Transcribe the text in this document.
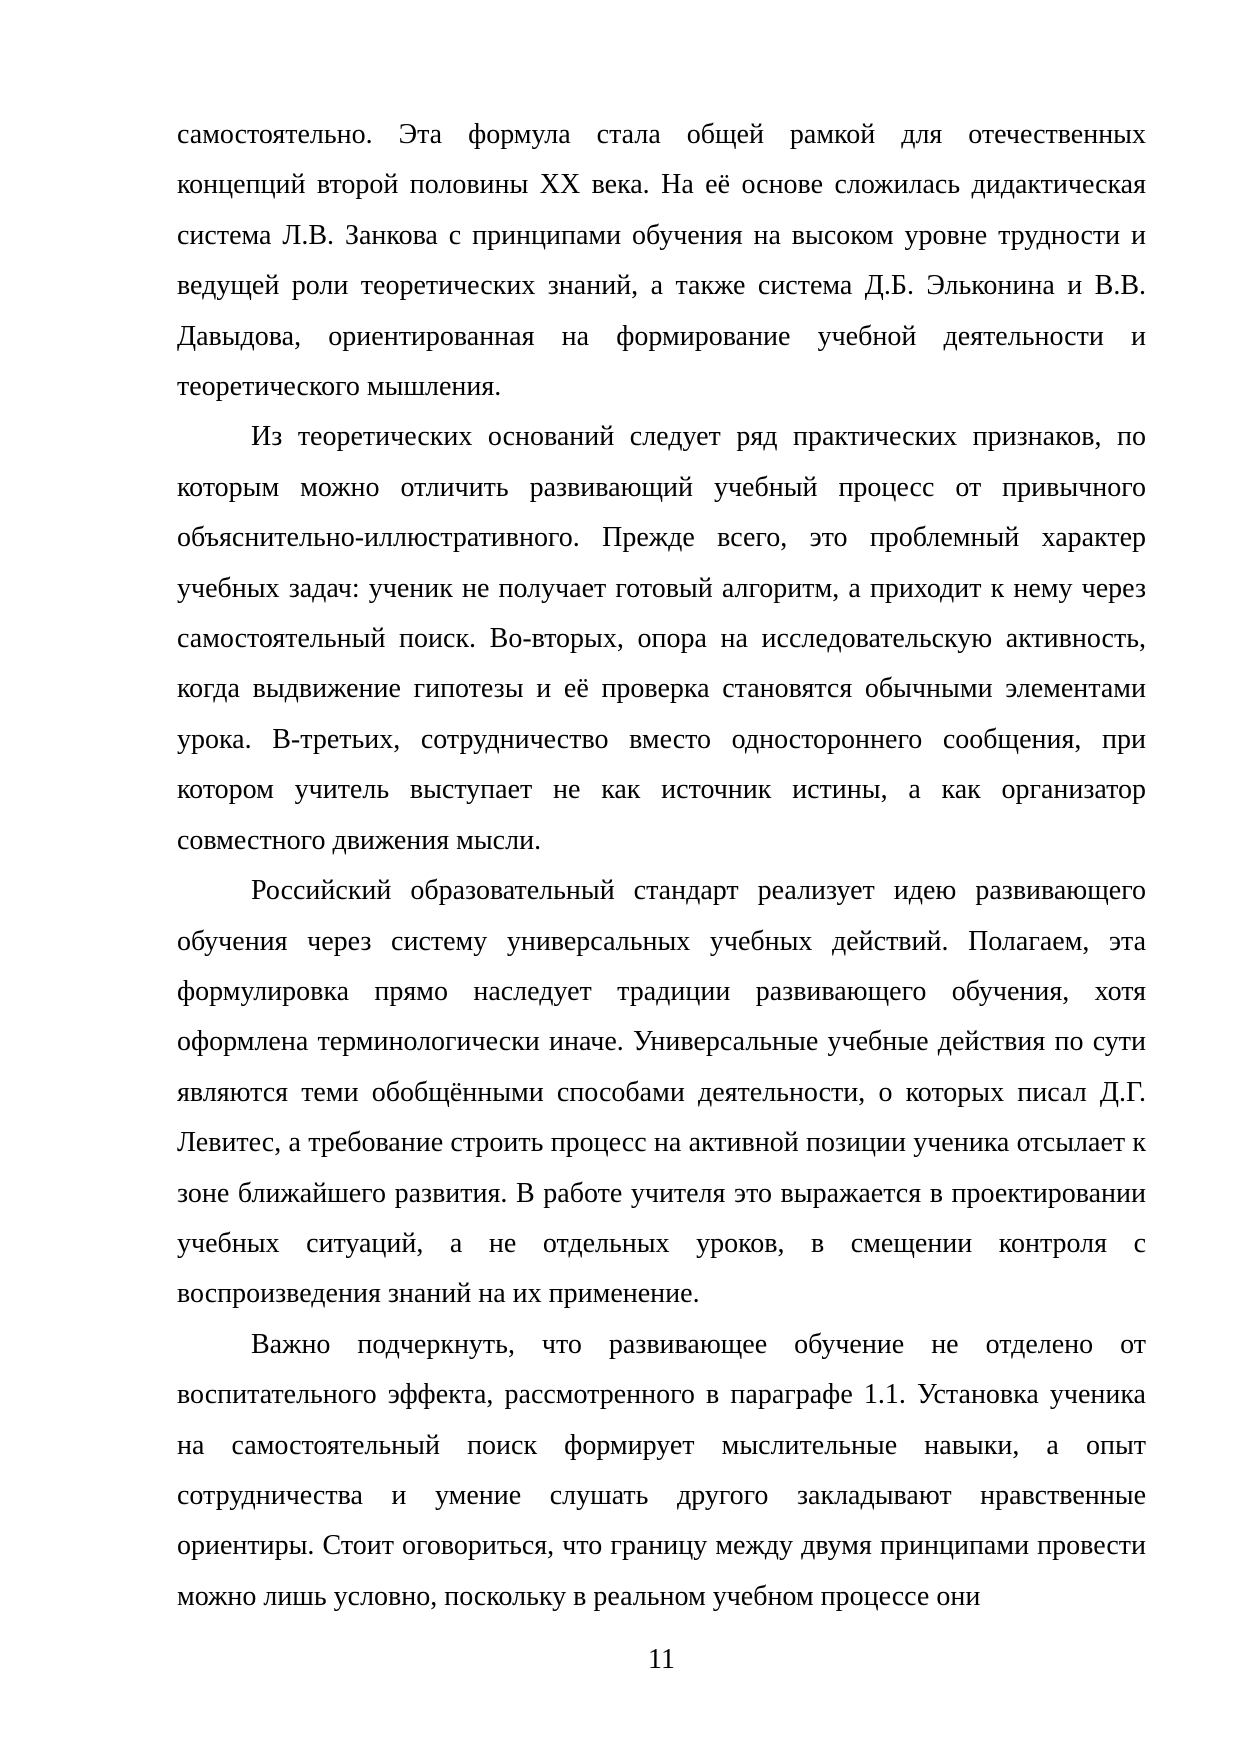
самостоятельно. Эта формула стала общей рамкой для отечественных концепций второй половины XX века. На её основе сложилась дидактическая система Л.В. Занкова с принципами обучения на высоком уровне трудности и ведущей роли теоретических знаний, а также система Д.Б. Эльконина и В.В. Давыдова, ориентированная на формирование учебной деятельности и теоретического мышления.

Из теоретических оснований следует ряд практических признаков, по которым можно отличить развивающий учебный процесс от привычного объяснительно-иллюстративного. Прежде всего, это проблемный характер учебных задач: ученик не получает готовый алгоритм, а приходит к нему через самостоятельный поиск. Во-вторых, опора на исследовательскую активность, когда выдвижение гипотезы и её проверка становятся обычными элементами урока. В-третьих, сотрудничество вместо одностороннего сообщения, при котором учитель выступает не как источник истины, а как организатор совместного движения мысли.

Российский образовательный стандарт реализует идею развивающего обучения через систему универсальных учебных действий. Полагаем, эта формулировка прямо наследует традиции развивающего обучения, хотя оформлена терминологически иначе. Универсальные учебные действия по сути являются теми обобщёнными способами деятельности, о которых писал Д.Г. Левитес, а требование строить процесс на активной позиции ученика отсылает к зоне ближайшего развития. В работе учителя это выражается в проектировании учебных ситуаций, а не отдельных уроков, в смещении контроля с воспроизведения знаний на их применение.

Важно подчеркнуть, что развивающее обучение не отделено от воспитательного эффекта, рассмотренного в параграфе 1.1. Установка ученика на самостоятельный поиск формирует мыслительные навыки, а опыт сотрудничества и умение слушать другого закладывают нравственные ориентиры. Стоит оговориться, что границу между двумя принципами провести можно лишь условно, поскольку в реальном учебном процессе они

11
